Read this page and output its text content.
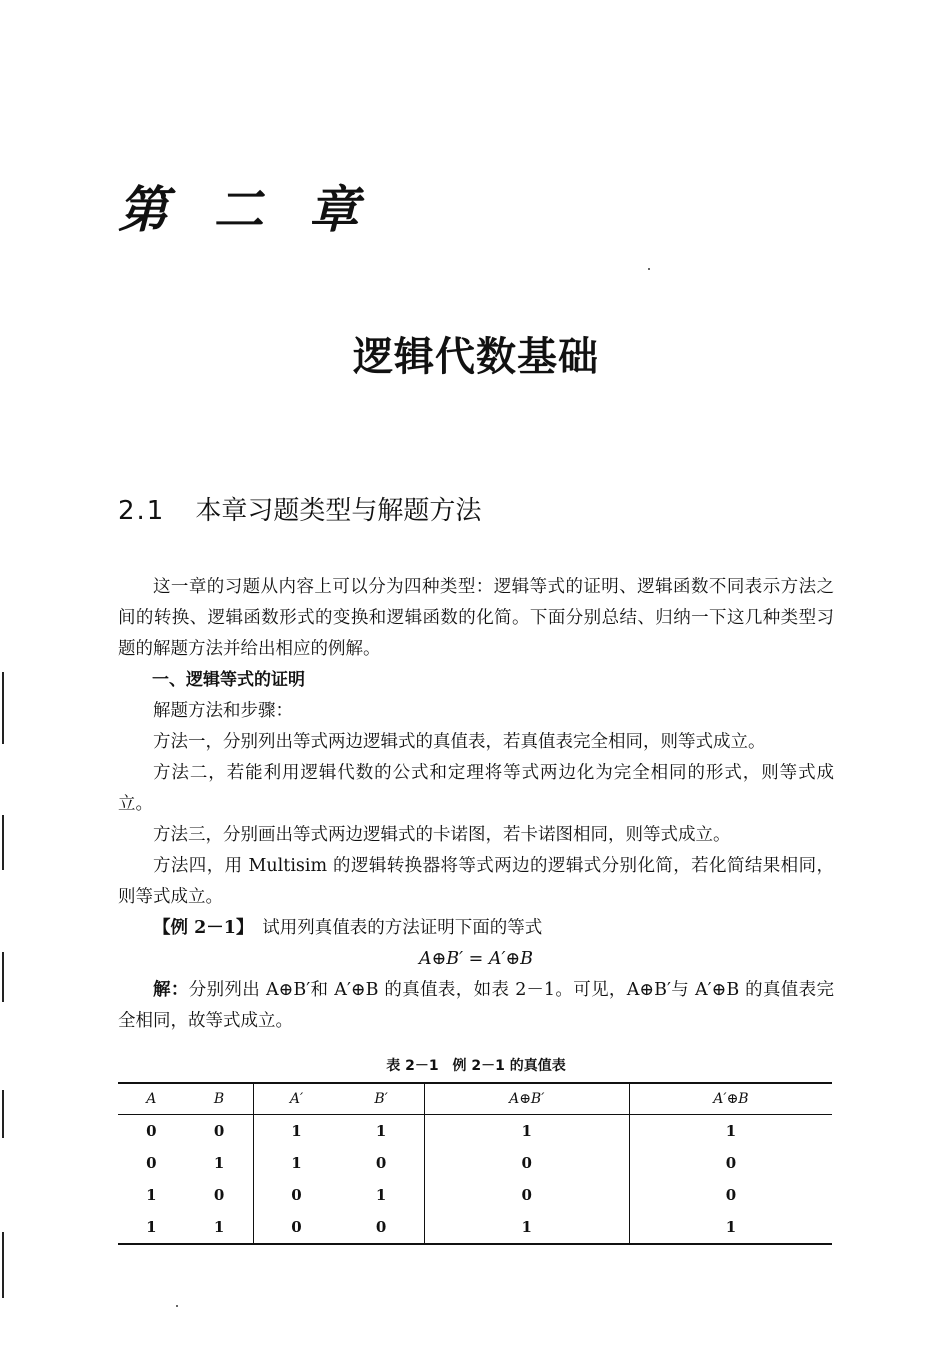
第 二 章
逻辑代数基础
2.1 本章习题类型与解题方法

这一章的习题从内容上可以分为四种类型：逻辑等式的证明、逻辑函数不同表示方法之间的转换、逻辑函数形式的变换和逻辑函数的化简。下面分别总结、归纳一下这几种类型习题的解题方法并给出相应的例解。

一、逻辑等式的证明

解题方法和步骤：

方法一，分别列出等式两边逻辑式的真值表，若真值表完全相同，则等式成立。

方法二，若能利用逻辑代数的公式和定理将等式两边化为完全相同的形式，则等式成立。

方法三，分别画出等式两边逻辑式的卡诺图，若卡诺图相同，则等式成立。

方法四，用 Multisim 的逻辑转换器将等式两边的逻辑式分别化简，若化简结果相同，则等式成立。

【例 2－1】　 试用列真值表的方法证明下面的等式

A⊕B′ = A′⊕B

解：分别列出 A⊕B′和 A′⊕B 的真值表，如表 2－1。可见，A⊕B′与 A′⊕B 的真值表完全相同，故等式成立。

表 2－1　例 2－1 的真值表
A	B	A′	B′	A⊕B′	A′⊕B
0	0	1	1	1	1
0	1	1	0	0	0
1	0	0	1	0	0
1	1	0	0	1	1
